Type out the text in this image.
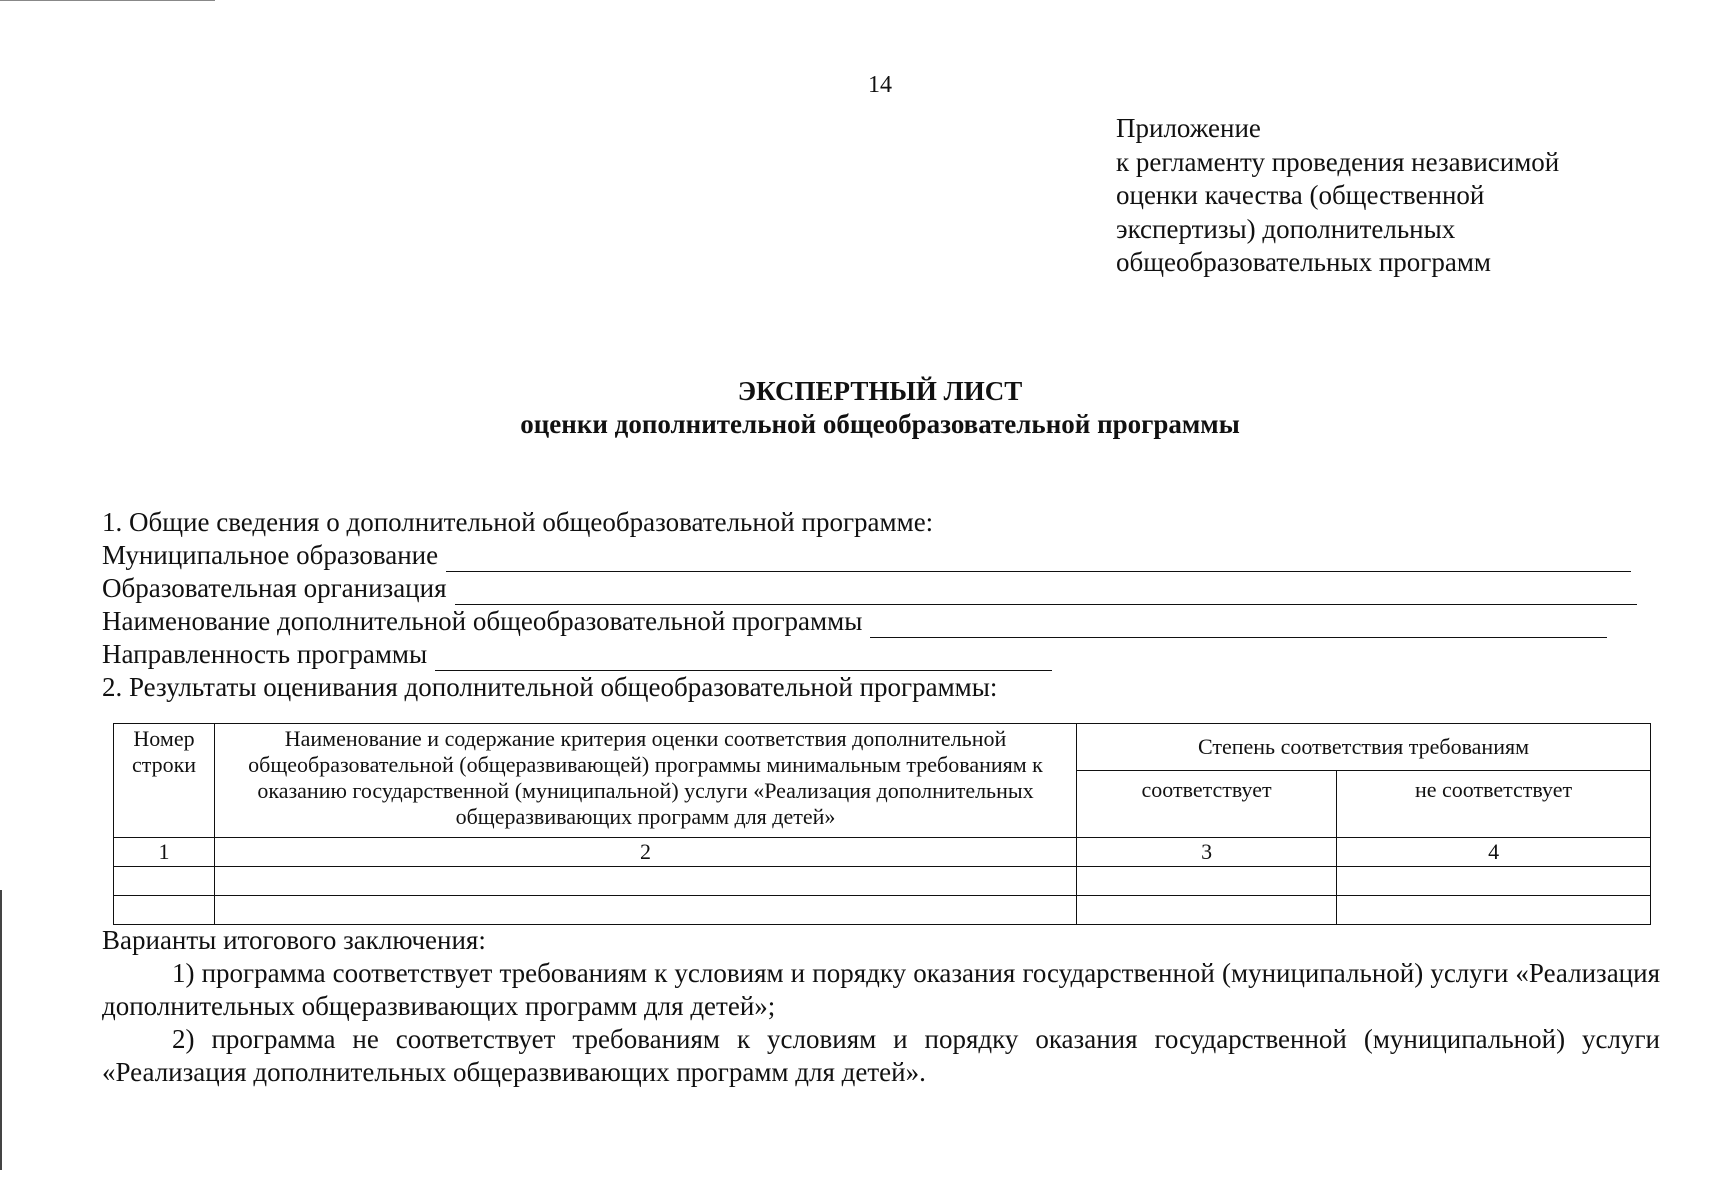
14
Приложение
к регламенту проведения независимой
оценки качества (общественной
экспертизы) дополнительных
общеобразовательных программ
ЭКСПЕРТНЫЙ ЛИСТ
оценки дополнительной общеобразовательной программы
1. Общие сведения о дополнительной общеобразовательной программе:
Муниципальное образование
Образовательная организация
Наименование дополнительной общеобразовательной программы
Направленность программы
2. Результаты оценивания дополнительной общеобразовательной программы:
Номер строки	Наименование и содержание критерия оценки соответствия дополнительной общеобразовательной (общеразвивающей) программы минимальным требованиям к оказанию государственной (муниципальной) услуги «Реализация дополнительных общеразвивающих программ для детей»	Степень соответствия требованиям	
		соответствует	не соответствует
1	2	3	4

Варианты итогового заключения:
1) программа соответствует требованиям к условиям и порядку оказания государственной (муниципальной) услуги «Реализация дополнительных общеразвивающих программ для детей»;
2) программа не соответствует требованиям к условиям и порядку оказания государственной (муниципальной) услуги «Реализация дополнительных общеразвивающих программ для детей».
